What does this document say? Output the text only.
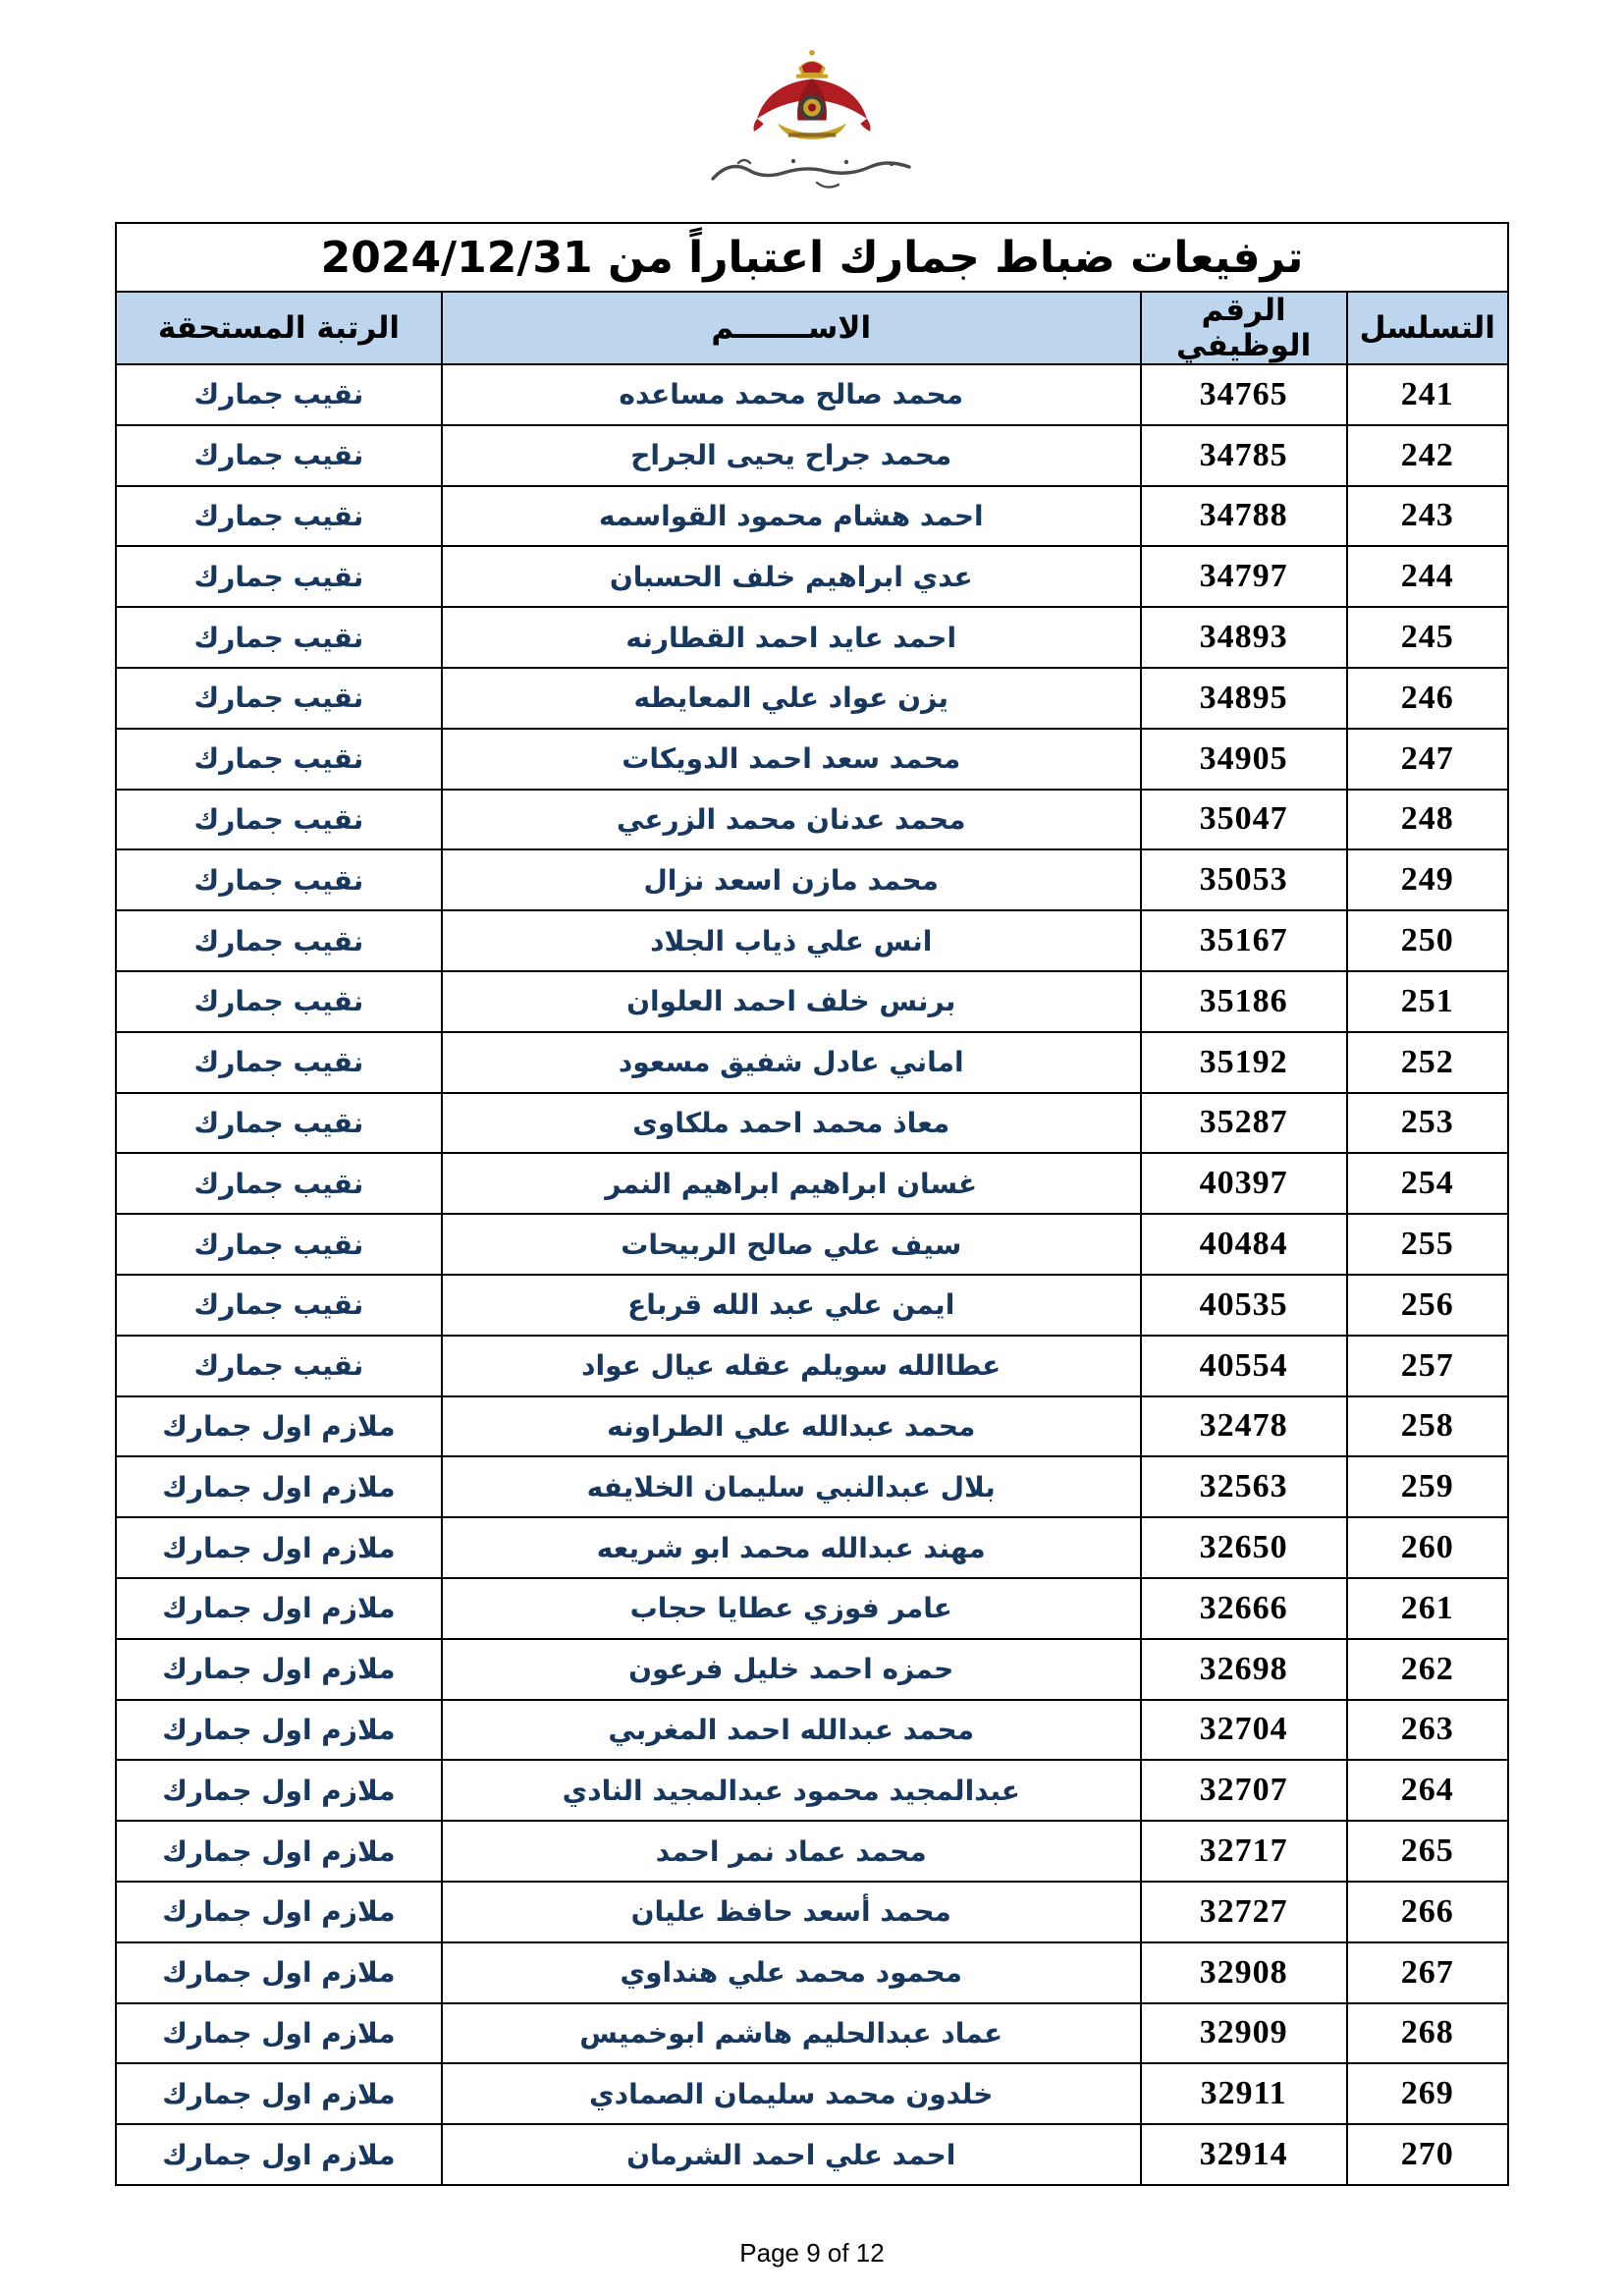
ترفيعات ضباط جمارك اعتباراً من 2024/12/31			
التسلسل	الرقم الوظيفي	الاســـــــم	الرتبة المستحقة
241	34765	محمد صالح محمد مساعده	نقيب جمارك
242	34785	محمد جراح يحيى الجراح	نقيب جمارك
243	34788	احمد هشام محمود القواسمه	نقيب جمارك
244	34797	عدي ابراهيم خلف الحسبان	نقيب جمارك
245	34893	احمد عايد احمد القطارنه	نقيب جمارك
246	34895	يزن عواد علي المعايطه	نقيب جمارك
247	34905	محمد سعد احمد الدويكات	نقيب جمارك
248	35047	محمد عدنان محمد الزرعي	نقيب جمارك
249	35053	محمد مازن اسعد نزال	نقيب جمارك
250	35167	انس علي ذياب الجلاد	نقيب جمارك
251	35186	برنس خلف احمد العلوان	نقيب جمارك
252	35192	اماني عادل شفيق مسعود	نقيب جمارك
253	35287	معاذ محمد احمد ملكاوى	نقيب جمارك
254	40397	غسان ابراهيم ابراهيم النمر	نقيب جمارك
255	40484	سيف علي صالح الربيحات	نقيب جمارك
256	40535	ايمن علي عبد الله قرباع	نقيب جمارك
257	40554	عطاالله سويلم عقله عيال عواد	نقيب جمارك
258	32478	محمد عبدالله علي الطراونه	ملازم اول جمارك
259	32563	بلال عبدالنبي سليمان الخلايفه	ملازم اول جمارك
260	32650	مهند عبدالله محمد ابو شريعه	ملازم اول جمارك
261	32666	عامر فوزي عطايا حجاب	ملازم اول جمارك
262	32698	حمزه احمد خليل فرعون	ملازم اول جمارك
263	32704	محمد عبدالله احمد المغربي	ملازم اول جمارك
264	32707	عبدالمجيد محمود عبدالمجيد النادي	ملازم اول جمارك
265	32717	محمد عماد نمر احمد	ملازم اول جمارك
266	32727	محمد أسعد حافظ عليان	ملازم اول جمارك
267	32908	محمود محمد علي هنداوي	ملازم اول جمارك
268	32909	عماد عبدالحليم هاشم ابوخميس	ملازم اول جمارك
269	32911	خلدون محمد سليمان الصمادي	ملازم اول جمارك
270	32914	احمد علي احمد الشرمان	ملازم اول جمارك
Page 9 of 12
